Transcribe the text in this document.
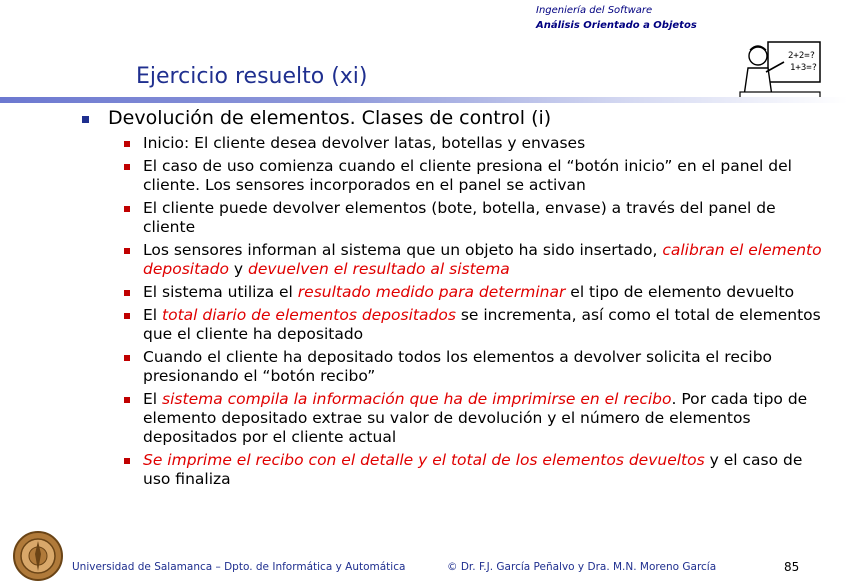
Ingeniería del Software
Análisis Orientado a Objetos
2+2=?
1+3=?
Ejercicio resuelto (xi)
Devolución de elementos. Clases de control (i)
Inicio: El cliente desea devolver latas, botellas y envases
El caso de uso comienza cuando el cliente presiona el “botón inicio” en el panel del cliente. Los sensores incorporados en el panel se activan
El cliente puede devolver elementos (bote, botella, envase) a través del panel de cliente
Los sensores informan al sistema que un objeto ha sido insertado, calibran el elemento depositado y devuelven el resultado al sistema
El sistema utiliza el resultado medido para determinar el tipo de elemento devuelto
El total diario de elementos depositados se incrementa, así como el total de elementos que el cliente ha depositado
Cuando el cliente ha depositado todos los elementos a devolver solicita el recibo presionando el “botón recibo”
El sistema compila la información que ha de imprimirse en el recibo. Por cada tipo de elemento depositado extrae su valor de devolución y el número de elementos depositados por el cliente actual
Se imprime el recibo con el detalle y el total de los elementos devueltos y el caso de uso finaliza
Universidad de Salamanca – Dpto. de Informática y Automática	© Dr. F.J. García Peñalvo y Dra. M.N. Moreno García	85
